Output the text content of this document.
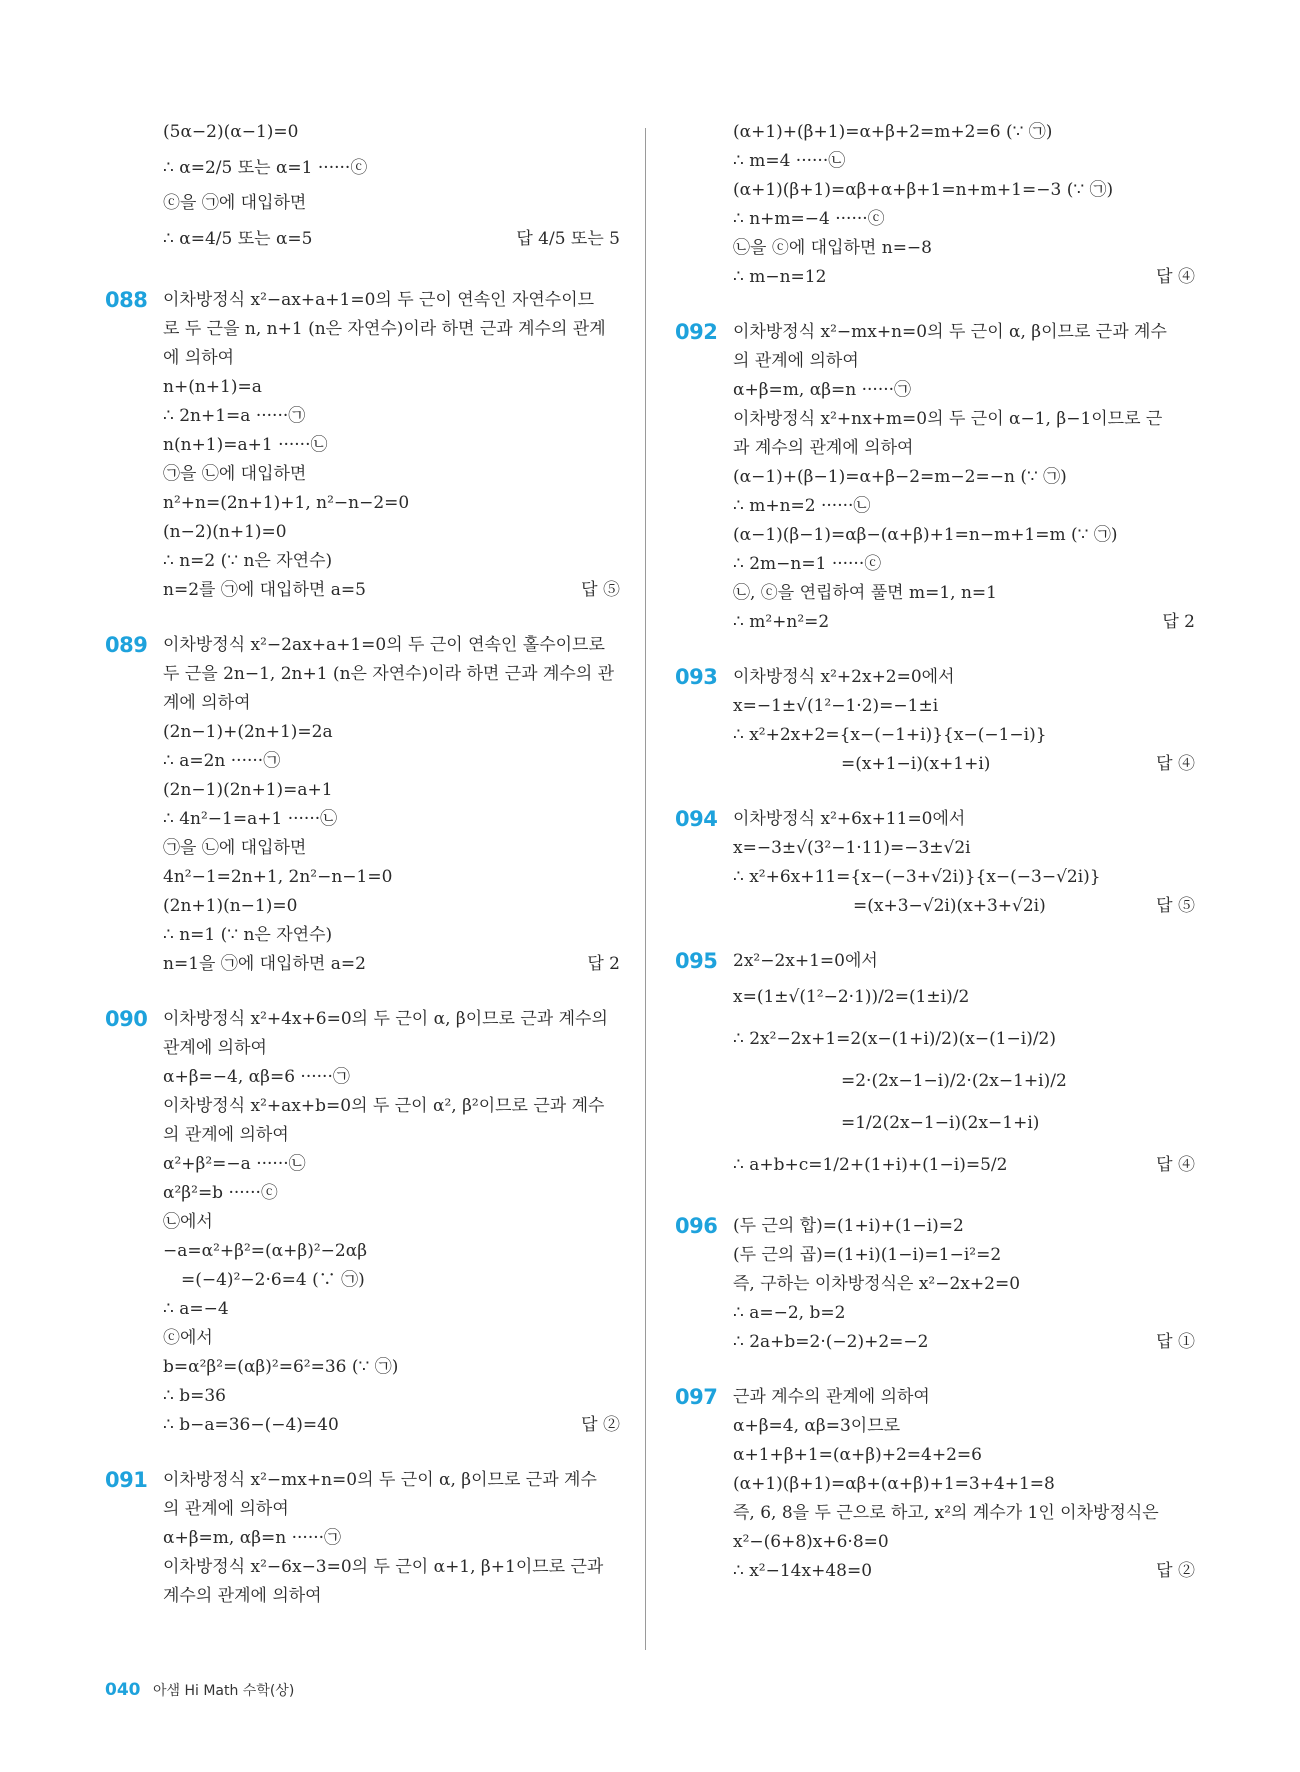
(5α−2)(α−1)=0
∴ α=2/5 또는 α=1 ······ⓒ
ⓒ을 ㉠에 대입하면
∴ α=4/5 또는 α=5	답 4/5 또는 5
088 이차방정식 x²−ax+a+1=0의 두 근이 연속인 자연수이므
로 두 근을 n, n+1 (n은 자연수)이라 하면 근과 계수의 관계
에 의하여
n+(n+1)=a
∴ 2n+1=a ······㉠
n(n+1)=a+1 ······㉡
㉠을 ㉡에 대입하면
n²+n=(2n+1)+1, n²−n−2=0
(n−2)(n+1)=0
∴ n=2 (∵ n은 자연수)
n=2를 ㉠에 대입하면 a=5	답 ⑤
089 이차방정식 x²−2ax+a+1=0의 두 근이 연속인 홀수이므로
두 근을 2n−1, 2n+1 (n은 자연수)이라 하면 근과 계수의 관
계에 의하여
(2n−1)+(2n+1)=2a
∴ a=2n ······㉠
(2n−1)(2n+1)=a+1
∴ 4n²−1=a+1 ······㉡
㉠을 ㉡에 대입하면
4n²−1=2n+1, 2n²−n−1=0
(2n+1)(n−1)=0
∴ n=1 (∵ n은 자연수)
n=1을 ㉠에 대입하면 a=2	답 2
090 이차방정식 x²+4x+6=0의 두 근이 α, β이므로 근과 계수의
관계에 의하여
α+β=−4, αβ=6 ······㉠
이차방정식 x²+ax+b=0의 두 근이 α², β²이므로 근과 계수
의 관계에 의하여
α²+β²=−a ······㉡
α²β²=b ······ⓒ
㉡에서
−a=α²+β²=(α+β)²−2αβ
=(−4)²−2·6=4 (∵ ㉠)
∴ a=−4
ⓒ에서
b=α²β²=(αβ)²=6²=36 (∵ ㉠)
∴ b=36
∴ b−a=36−(−4)=40	답 ②
091 이차방정식 x²−mx+n=0의 두 근이 α, β이므로 근과 계수
의 관계에 의하여
α+β=m, αβ=n ······㉠
이차방정식 x²−6x−3=0의 두 근이 α+1, β+1이므로 근과
계수의 관계에 의하여
(α+1)+(β+1)=α+β+2=m+2=6 (∵ ㉠)
∴ m=4 ······㉡
(α+1)(β+1)=αβ+α+β+1=n+m+1=−3 (∵ ㉠)
∴ n+m=−4 ······ⓒ
㉡을 ⓒ에 대입하면 n=−8
∴ m−n=12	답 ④
092 이차방정식 x²−mx+n=0의 두 근이 α, β이므로 근과 계수
의 관계에 의하여
α+β=m, αβ=n ······㉠
이차방정식 x²+nx+m=0의 두 근이 α−1, β−1이므로 근
과 계수의 관계에 의하여
(α−1)+(β−1)=α+β−2=m−2=−n (∵ ㉠)
∴ m+n=2 ······㉡
(α−1)(β−1)=αβ−(α+β)+1=n−m+1=m (∵ ㉠)
∴ 2m−n=1 ······ⓒ
㉡, ⓒ을 연립하여 풀면 m=1, n=1
∴ m²+n²=2	답 2
093 이차방정식 x²+2x+2=0에서
x=−1±√(1²−1·2)=−1±i
∴ x²+2x+2={x−(−1+i)}{x−(−1−i)}
=(x+1−i)(x+1+i)	답 ④
094 이차방정식 x²+6x+11=0에서
x=−3±√(3²−1·11)=−3±√2i
∴ x²+6x+11={x−(−3+√2i)}{x−(−3−√2i)}
=(x+3−√2i)(x+3+√2i)	답 ⑤
095 2x²−2x+1=0에서
x=(1±√(1²−2·1))/2=(1±i)/2
∴ 2x²−2x+1=2(x−(1+i)/2)(x−(1−i)/2)
=2·(2x−1−i)/2·(2x−1+i)/2
=1/2(2x−1−i)(2x−1+i)
∴ a+b+c=1/2+(1+i)+(1−i)=5/2	답 ④
096 (두 근의 합)=(1+i)+(1−i)=2
(두 근의 곱)=(1+i)(1−i)=1−i²=2
즉, 구하는 이차방정식은 x²−2x+2=0
∴ a=−2, b=2
∴ 2a+b=2·(−2)+2=−2	답 ①
097 근과 계수의 관계에 의하여
α+β=4, αβ=3이므로
α+1+β+1=(α+β)+2=4+2=6
(α+1)(β+1)=αβ+(α+β)+1=3+4+1=8
즉, 6, 8을 두 근으로 하고, x²의 계수가 1인 이차방정식은
x²−(6+8)x+6·8=0
∴ x²−14x+48=0	답 ②
040 아샘 Hi Math 수학(상)
